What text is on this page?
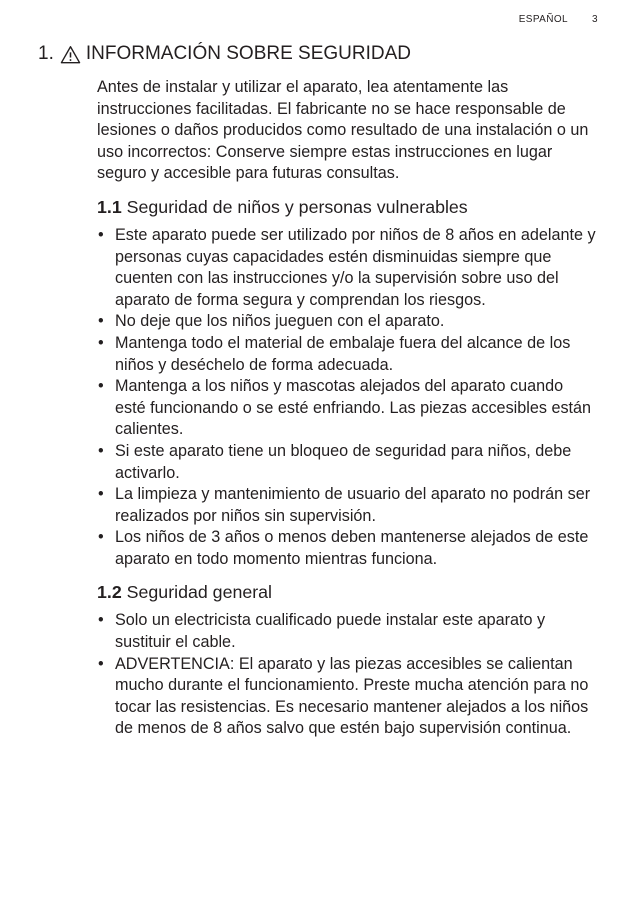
ESPAÑOL 3
1. INFORMACIÓN SOBRE SEGURIDAD

Antes de instalar y utilizar el aparato, lea atentamente las instrucciones facilitadas. El fabricante no se hace responsable de lesiones o daños producidos como resultado de una instalación o un uso incorrectos: Conserve siempre estas instrucciones en lugar seguro y accesible para futuras consultas.

1.1 Seguridad de niños y personas vulnerables
• Este aparato puede ser utilizado por niños de 8 años en adelante y personas cuyas capacidades estén disminuidas siempre que cuenten con las instrucciones y/o la supervisión sobre uso del aparato de forma segura y comprendan los riesgos.
• No deje que los niños jueguen con el aparato.
• Mantenga todo el material de embalaje fuera del alcance de los niños y deséchelo de forma adecuada.
• Mantenga a los niños y mascotas alejados del aparato cuando esté funcionando o se esté enfriando. Las piezas accesibles están calientes.
• Si este aparato tiene un bloqueo de seguridad para niños, debe activarlo.
• La limpieza y mantenimiento de usuario del aparato no podrán ser realizados por niños sin supervisión.
• Los niños de 3 años o menos deben mantenerse alejados de este aparato en todo momento mientras funciona.
1.2 Seguridad general
• Solo un electricista cualificado puede instalar este aparato y sustituir el cable.
• ADVERTENCIA: El aparato y las piezas accesibles se calientan mucho durante el funcionamiento. Preste mucha atención para no tocar las resistencias. Es necesario mantener alejados a los niños de menos de 8 años salvo que estén bajo supervisión continua.
